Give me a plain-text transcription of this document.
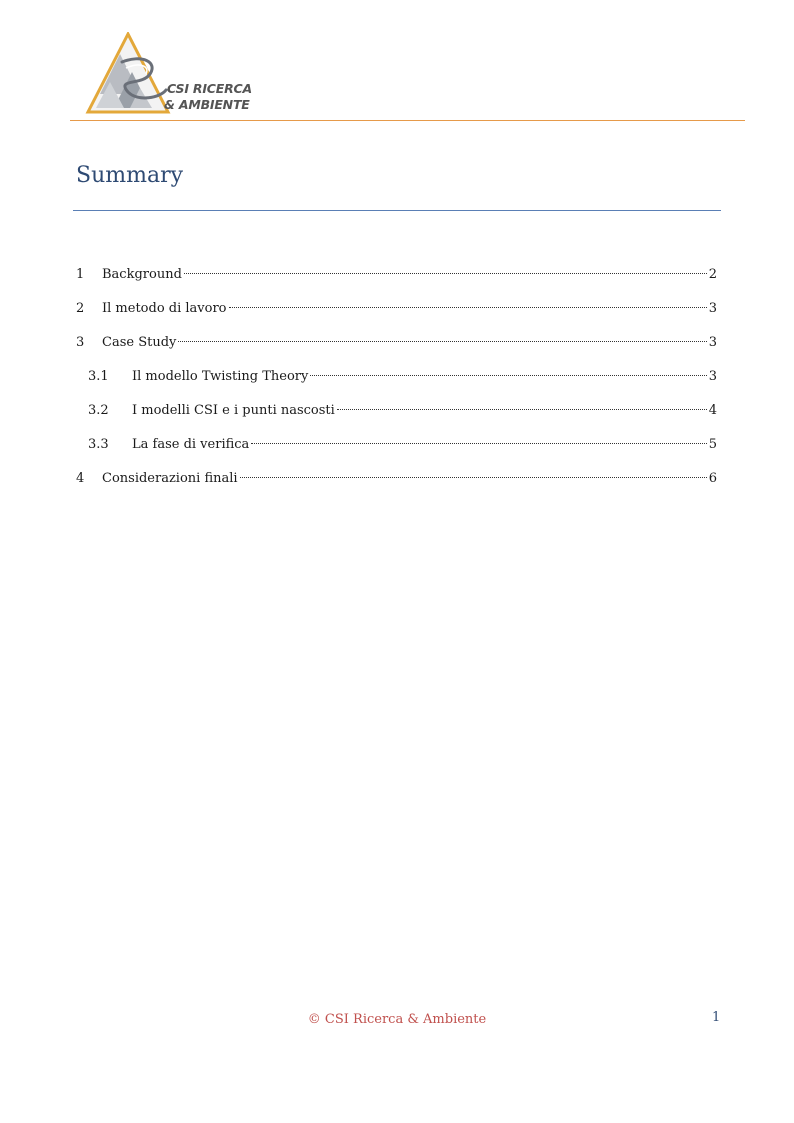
CSI RICERCA
& AMBIENTE
Summary
1	Background	2
2	Il metodo di lavoro	3
3	Case Study	3
3.1	Il modello Twisting Theory	3
3.2	I modelli CSI e i punti nascosti	4
3.3	La fase di verifica	5
4	Considerazioni finali	6
© CSI Ricerca & Ambiente	1
